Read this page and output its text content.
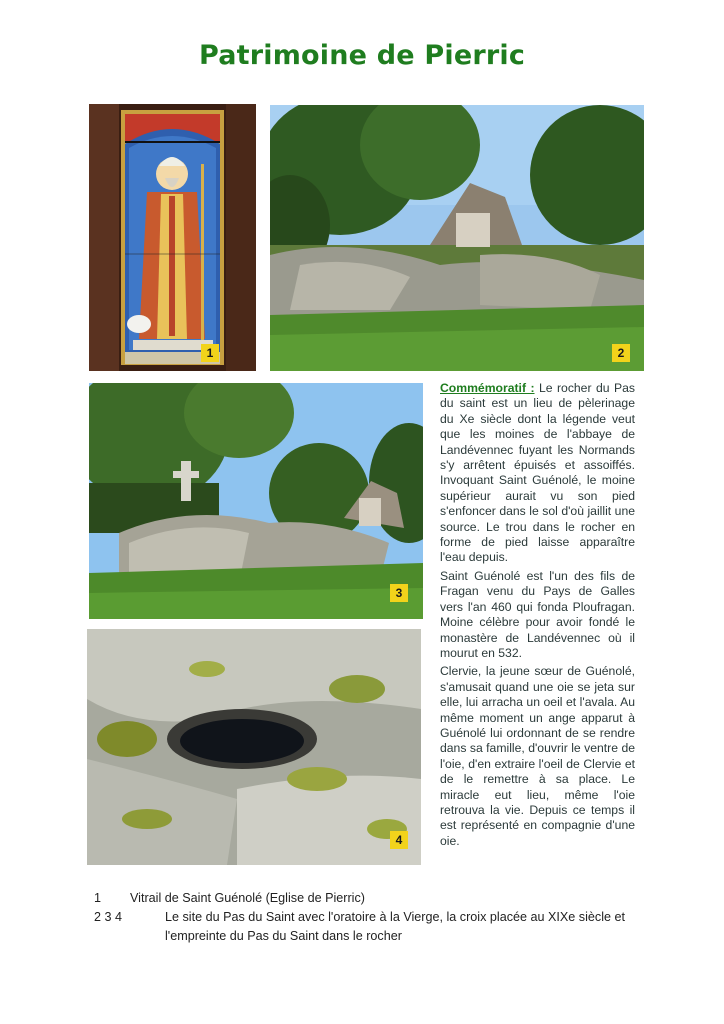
Patrimoine de Pierric
1	2
3
4

Commémoratif : Le rocher du Pas du saint est un lieu de pèlerinage du Xe siècle dont la légende veut que les moines de l'abbaye de Landévennec fuyant les Normands s'y arrêtent épuisés et assoiffés. Invoquant Saint Guénolé, le moine supérieur aurait vu son pied s'enfoncer dans le sol d'où jaillit une source. Le trou dans le rocher en forme de pied laisse apparaître l'eau depuis.

Saint Guénolé est l'un des fils de Fragan venu du Pays de Galles vers l'an 460 qui fonda Ploufragan. Moine célèbre pour avoir fondé le monastère de Landévennec où il mourut en 532.

Clervie, la jeune sœur de Guénolé, s'amusait quand une oie se jeta sur elle, lui arracha un oeil et l'avala. Au même moment un ange apparut à Guénolé lui ordonnant de se rendre dans sa famille, d'ouvrir le ventre de l'oie, d'en extraire l'oeil de Clervie et de le remettre à sa place. Le miracle eut lieu, même l'oie retrouva la vie. Depuis ce temps il est représenté en compagnie d'une oie.

1	Vitrail de Saint Guénolé (Eglise de Pierric)
2 3 4	Le site du Pas du Saint avec l'oratoire à la Vierge, la croix placée au XIXe siècle et l'empreinte du Pas du Saint dans le rocher
